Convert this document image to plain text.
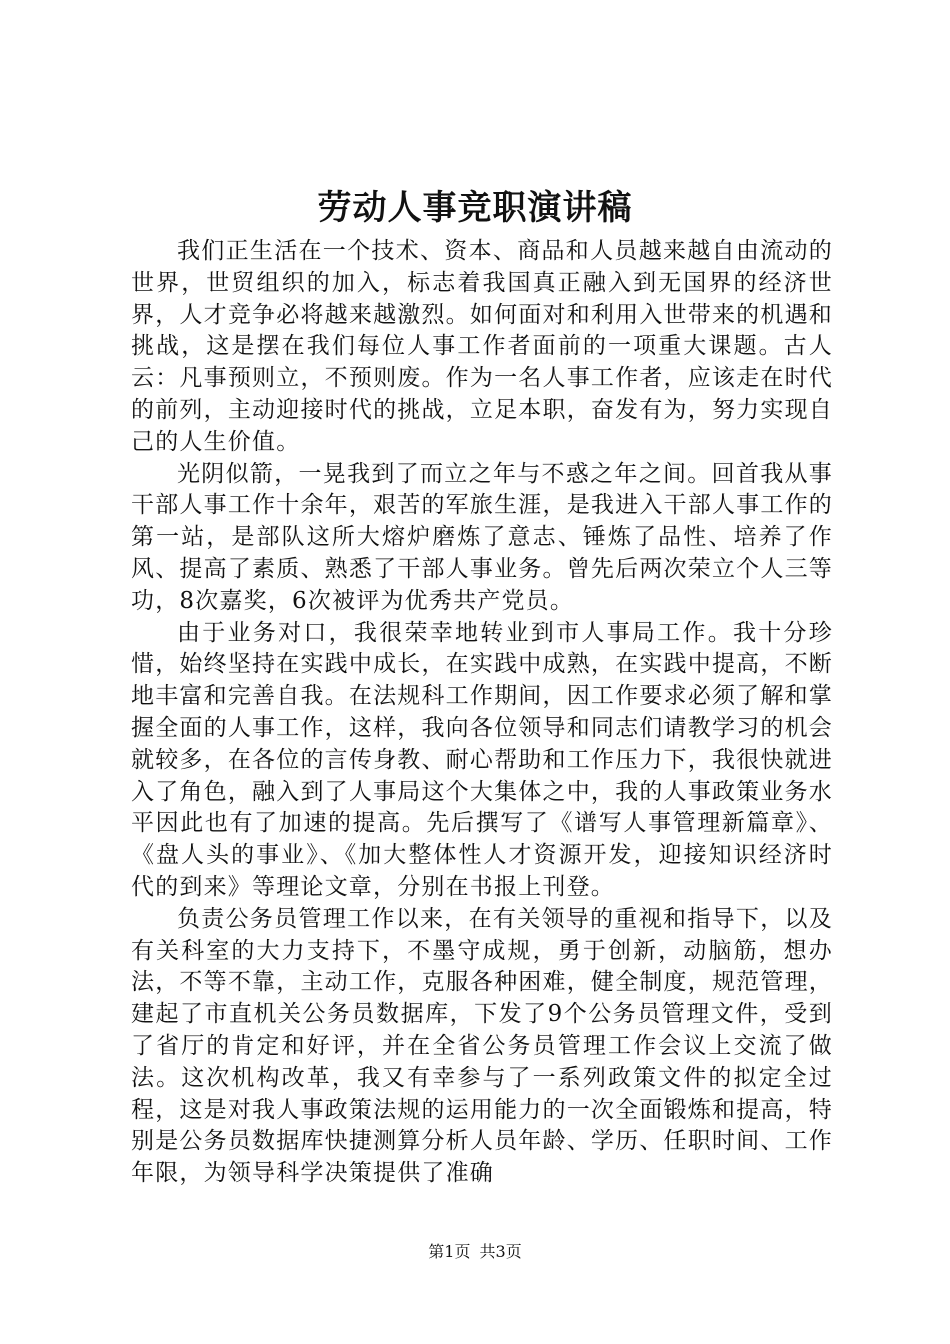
劳动人事竞职演讲稿

我们正生活在一个技术、资本、商品和人员越来越自由流动的世界，世贸组织的加入，标志着我国真正融入到无国界的经济世界，人才竞争必将越来越激烈。如何面对和利用入世带来的机遇和挑战，这是摆在我们每位人事工作者面前的一项重大课题。古人云：凡事预则立，不预则废。作为一名人事工作者，应该走在时代的前列，主动迎接时代的挑战，立足本职，奋发有为，努力实现自己的人生价值。

光阴似箭，一晃我到了而立之年与不惑之年之间。回首我从事干部人事工作十余年，艰苦的军旅生涯，是我进入干部人事工作的第一站，是部队这所大熔炉磨炼了意志、锤炼了品性、培养了作风、提高了素质、熟悉了干部人事业务。曾先后两次荣立个人三等功，8次嘉奖，6次被评为优秀共产党员。

由于业务对口，我很荣幸地转业到市人事局工作。我十分珍惜，始终坚持在实践中成长，在实践中成熟，在实践中提高，不断地丰富和完善自我。在法规科工作期间，因工作要求必须了解和掌握全面的人事工作，这样，我向各位领导和同志们请教学习的机会就较多，在各位的言传身教、耐心帮助和工作压力下，我很快就进入了角色，融入到了人事局这个大集体之中，我的人事政策业务水平因此也有了加速的提高。先后撰写了《谱写人事管理新篇章》、《盘人头的事业》、《加大整体性人才资源开发，迎接知识经济时代的到来》等理论文章，分别在书报上刊登。

负责公务员管理工作以来，在有关领导的重视和指导下，以及有关科室的大力支持下，不墨守成规，勇于创新，动脑筋，想办法，不等不靠，主动工作，克服各种困难，健全制度，规范管理，建起了市直机关公务员数据库，下发了9个公务员管理文件，受到了省厅的肯定和好评，并在全省公务员管理工作会议上交流了做法。这次机构改革，我又有幸参与了一系列政策文件的拟定全过程，这是对我人事政策法规的运用能力的一次全面锻炼和提高，特别是公务员数据库快捷测算分析人员年龄、学历、任职时间、工作年限，为领导科学决策提供了准确

第1页 共3页
